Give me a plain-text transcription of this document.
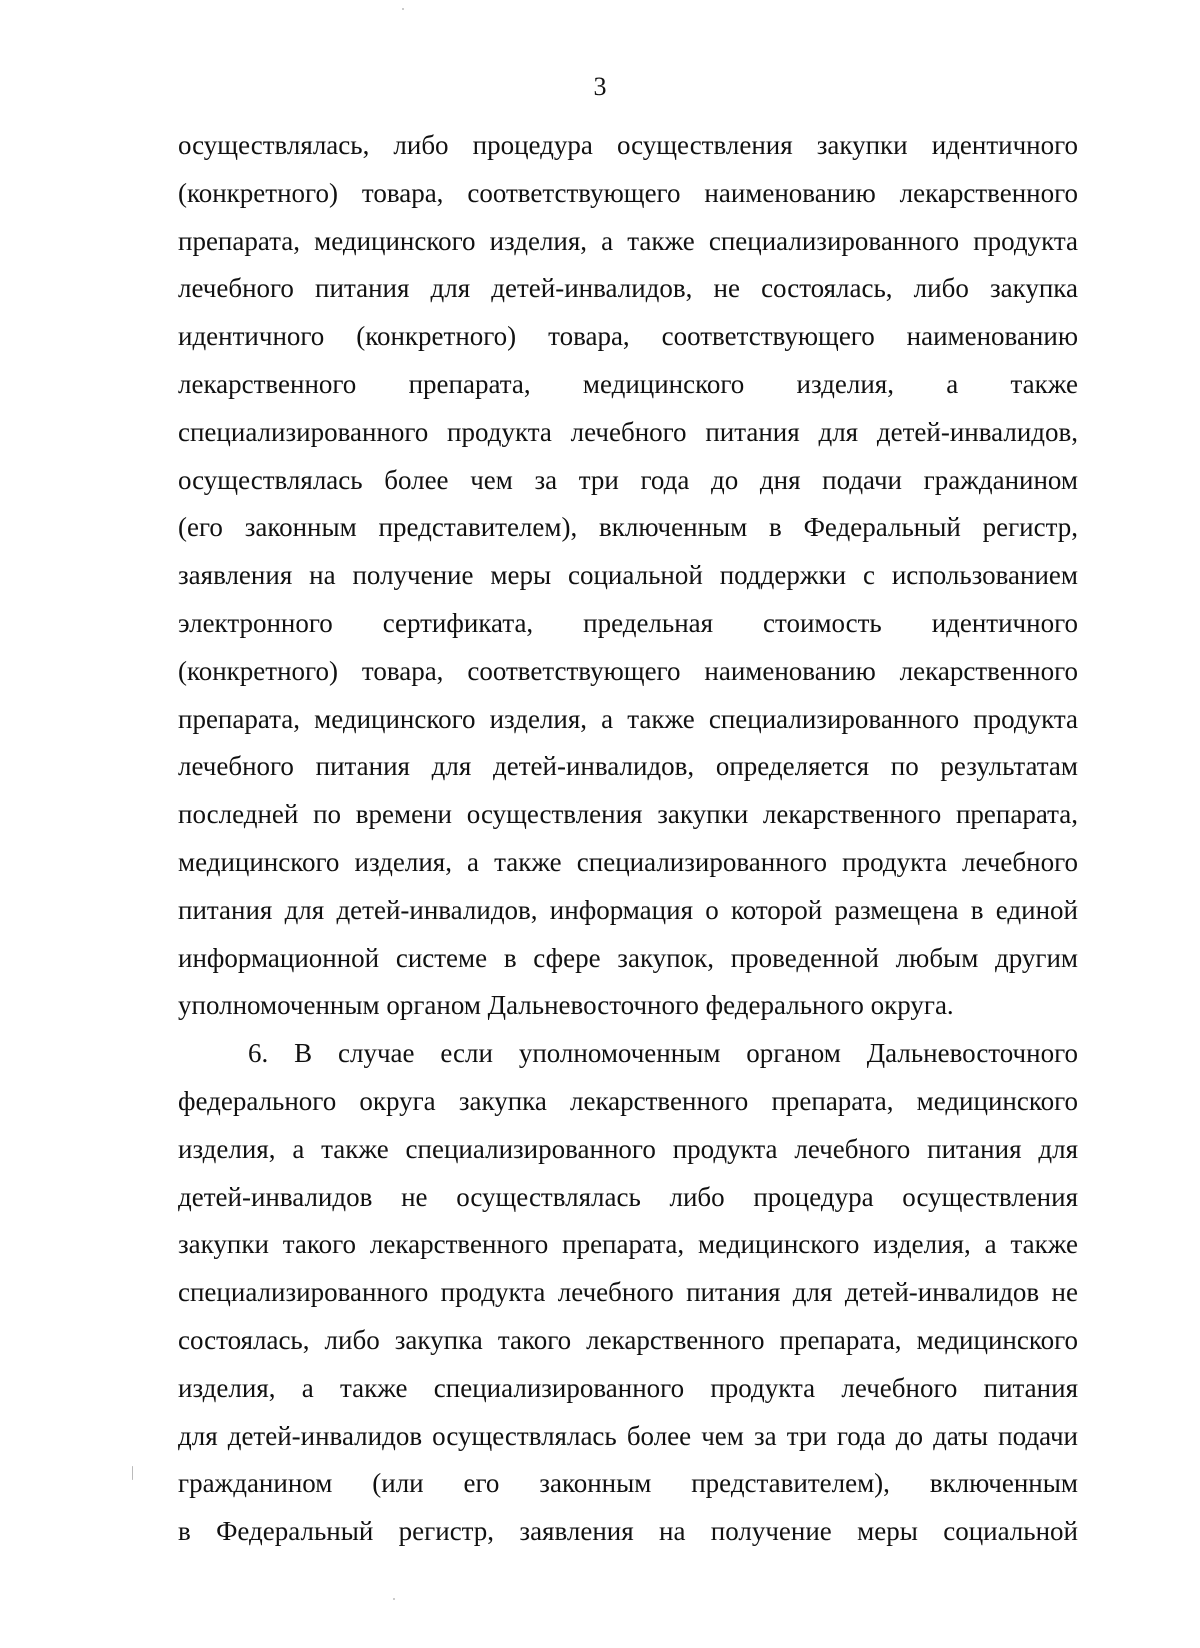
3
осуществлялась, либо процедура осуществления закупки идентичного
(конкретного) товара, соответствующего наименованию лекарственного
препарата, медицинского изделия, а также специализированного продукта
лечебного питания для детей-инвалидов, не состоялась, либо закупка
идентичного (конкретного) товара, соответствующего наименованию
лекарственного препарата, медицинского изделия, а также
специализированного продукта лечебного питания для детей-инвалидов,
осуществлялась более чем за три года до дня подачи гражданином
(его законным представителем), включенным в Федеральный регистр,
заявления на получение меры социальной поддержки с использованием
электронного сертификата, предельная стоимость идентичного
(конкретного) товара, соответствующего наименованию лекарственного
препарата, медицинского изделия, а также специализированного продукта
лечебного питания для детей-инвалидов, определяется по результатам
последней по времени осуществления закупки лекарственного препарата,
медицинского изделия, а также специализированного продукта лечебного
питания для детей-инвалидов, информация о которой размещена в единой
информационной системе в сфере закупок, проведенной любым другим
уполномоченным органом Дальневосточного федерального округа.
6. В случае если уполномоченным органом Дальневосточного
федерального округа закупка лекарственного препарата, медицинского
изделия, а также специализированного продукта лечебного питания для
детей-инвалидов не осуществлялась либо процедура осуществления
закупки такого лекарственного препарата, медицинского изделия, а также
специализированного продукта лечебного питания для детей-инвалидов не
состоялась, либо закупка такого лекарственного препарата, медицинского
изделия, а также специализированного продукта лечебного питания
для детей-инвалидов осуществлялась более чем за три года до даты подачи
гражданином (или его законным представителем), включенным
в Федеральный регистр, заявления на получение меры социальной
